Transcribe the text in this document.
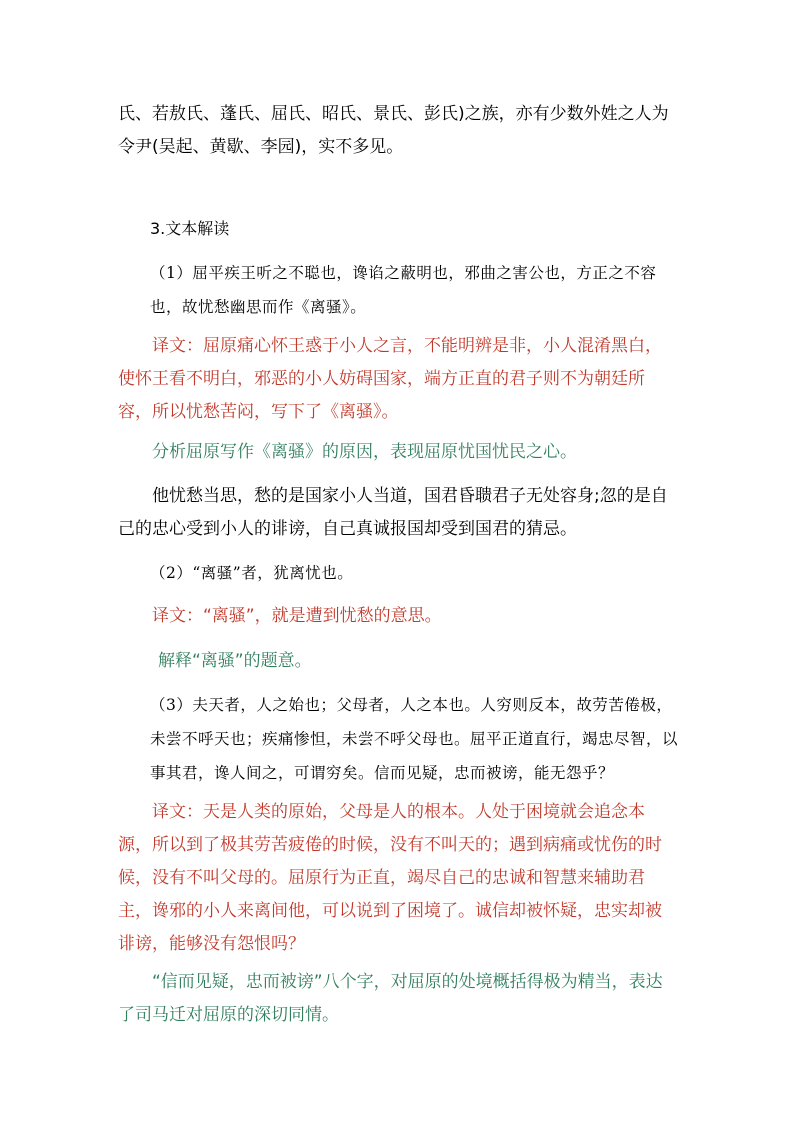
氏、若敖氏、蓬氏、屈氏、昭氏、景氏、彭氏)之族，亦有少数外姓之人为令尹(吴起、黄歇、李园)，实不多见。

3.文本解读

（1）屈平疾王听之不聪也，谗谄之蔽明也，邪曲之害公也，方正之不容也，故忧愁幽思而作《离骚》。

译文：屈原痛心怀王惑于小人之言，不能明辨是非，小人混淆黑白，使怀王看不明白，邪恶的小人妨碍国家，端方正直的君子则不为朝廷所容，所以忧愁苦闷，写下了《离骚》。

分析屈原写作《离骚》的原因，表现屈原忧国忧民之心。

他忧愁当思，愁的是国家小人当道，国君昏聩君子无处容身;忽的是自己的忠心受到小人的诽谤，自己真诚报国却受到国君的猜忌。

（2）“离骚”者，犹离忧也。

译文：“离骚”，就是遭到忧愁的意思。

解释“离骚”的题意。

（3）夫天者，人之始也；父母者，人之本也。人穷则反本，故劳苦倦极，未尝不呼天也；疾痛惨怛，未尝不呼父母也。屈平正道直行，竭忠尽智，以事其君，谗人间之，可谓穷矣。信而见疑，忠而被谤，能无怨乎？

译文：天是人类的原始，父母是人的根本。人处于困境就会追念本源，所以到了极其劳苦疲倦的时候，没有不叫天的；遇到病痛或忧伤的时候，没有不叫父母的。屈原行为正直，竭尽自己的忠诚和智慧来辅助君主，谗邪的小人来离间他，可以说到了困境了。诚信却被怀疑，忠实却被诽谤，能够没有怨恨吗？

“信而见疑，忠而被谤”八个字，对屈原的处境概括得极为精当，表达了司马迁对屈原的深切同情。
